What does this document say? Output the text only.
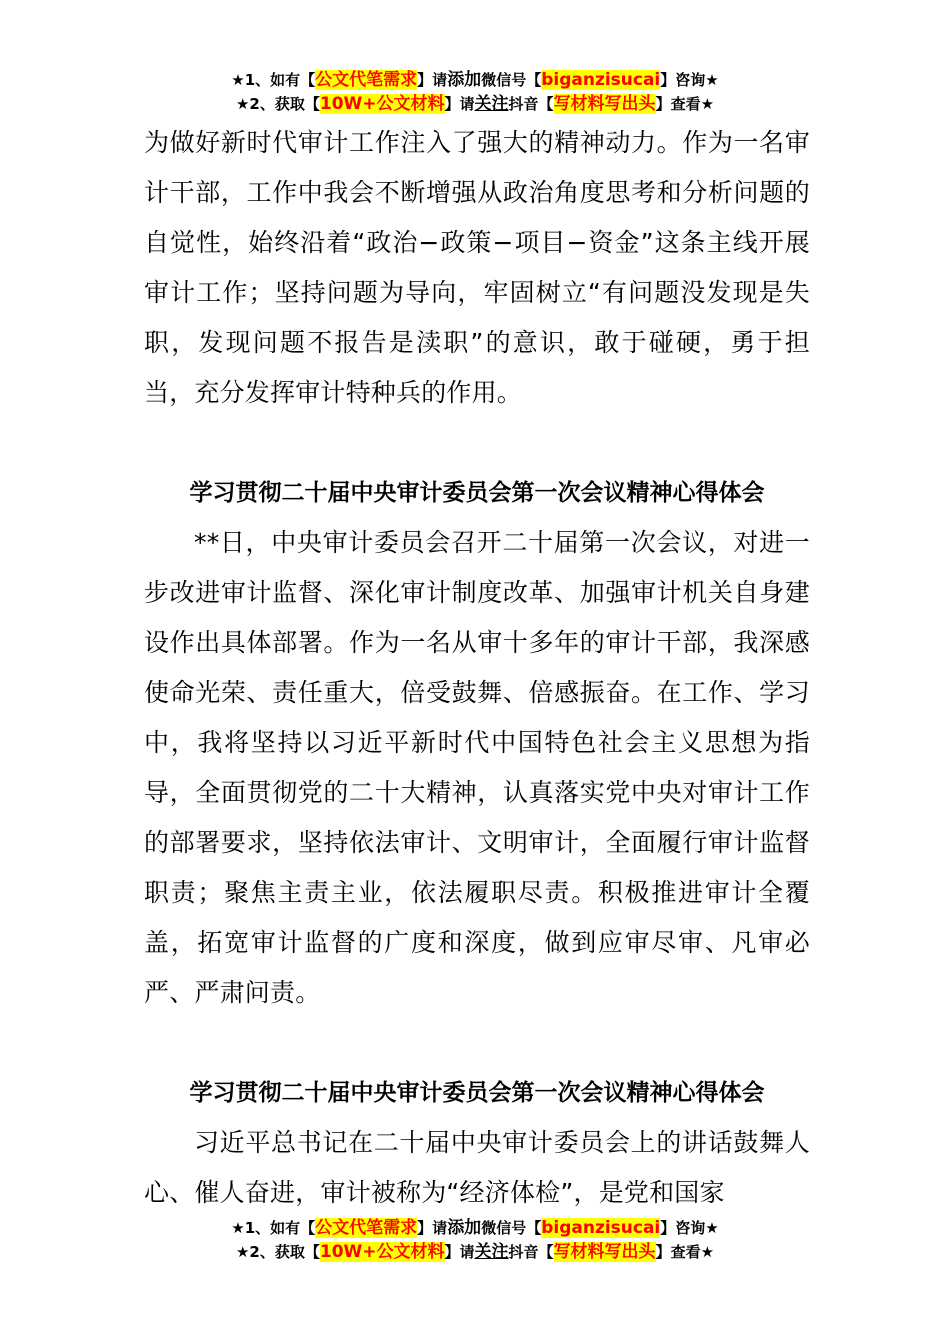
★1、如有【公文代笔需求】请添加微信号【biganzisucai】咨询★
★2、获取【10W+公文材料】请关注抖音【写材料写出头】查看★

为做好新时代审计工作注入了强大的精神动力。作为一名审计干部，工作中我会不断增强从政治角度思考和分析问题的自觉性，始终沿着“政治−政策−项目−资金”这条主线开展审计工作；坚持问题为导向，牢固树立“有问题没发现是失职，发现问题不报告是渎职”的意识，敢于碰硬，勇于担当，充分发挥审计特种兵的作用。

学习贯彻二十届中央审计委员会第一次会议精神心得体会

**日，中央审计委员会召开二十届第一次会议，对进一步改进审计监督、深化审计制度改革、加强审计机关自身建设作出具体部署。作为一名从审十多年的审计干部，我深感使命光荣、责任重大，倍受鼓舞、倍感振奋。在工作、学习中，我将坚持以习近平新时代中国特色社会主义思想为指导，全面贯彻党的二十大精神，认真落实党中央对审计工作的部署要求，坚持依法审计、文明审计，全面履行审计监督职责；聚焦主责主业，依法履职尽责。积极推进审计全覆盖，拓宽审计监督的广度和深度，做到应审尽审、凡审必严、严肃问责。

学习贯彻二十届中央审计委员会第一次会议精神心得体会

习近平总书记在二十届中央审计委员会上的讲话鼓舞人心、催人奋进，审计被称为“经济体检”，是党和国家

★1、如有【公文代笔需求】请添加微信号【biganzisucai】咨询★
★2、获取【10W+公文材料】请关注抖音【写材料写出头】查看★
